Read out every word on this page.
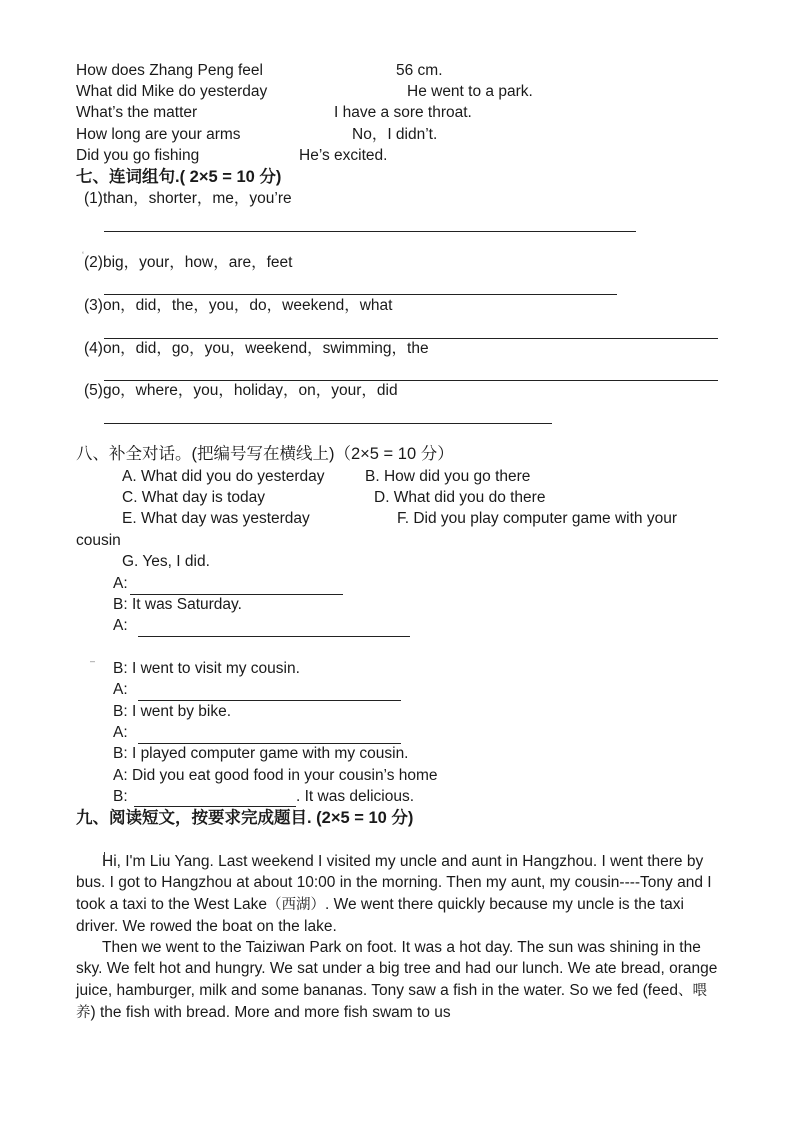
How does Zhang Peng feel	56 cm.
What did Mike do yesterday	He went to a park.
What’s the matter	I have a sore throat.
How long are your arms	No，I didn’t.
Did you go fishing	He’s excited.
七、连词组句.( 2×5 = 10 分)
(1)than，shorter，me，you’re
‘ (2)big，your，how，are，feet
(3)on，did，the，you，do，weekend，what
(4)on，did，go，you，weekend，swimming，the
(5)go，where，you，holiday，on，your，did
八、补全对话。(把编号写在横线上)（2×5 = 10 分）
A. What did you do yesterday	B. How did you go there
C. What day is today	D. What did you do there
E. What day was yesterday	F. Did you play computer game with your
cousin
G. Yes, I did.
A:
B: It was Saturday.
A:
– B: I went to visit my cousin.
A:
B: I went by bike.
A:
B: I played computer game with my cousin.
A: Did you eat good food in your cousin’s home
B:	. It was delicious.
九、阅读短文，按要求完成题目. (2×5 = 10 分)

Hi, I'm Liu Yang. Last weekend I visited my uncle and aunt in Hangzhou. I went there by bus. I got to Hangzhou at about 10:00 in the morning. Then my aunt, my cousin----Tony and I took a taxi to the West Lake（西湖）. We went there quickly because my uncle is the taxi driver. We rowed the boat on the lake.

Then we went to the Taiziwan Park on foot. It was a hot day. The sun was shining in the sky. We felt hot and hungry. We sat under a big tree and had our lunch. We ate bread, orange juice, hamburger, milk and some bananas. Tony saw a fish in the water. So we fed (feed、喂养) the fish with bread. More and more fish swam to us
